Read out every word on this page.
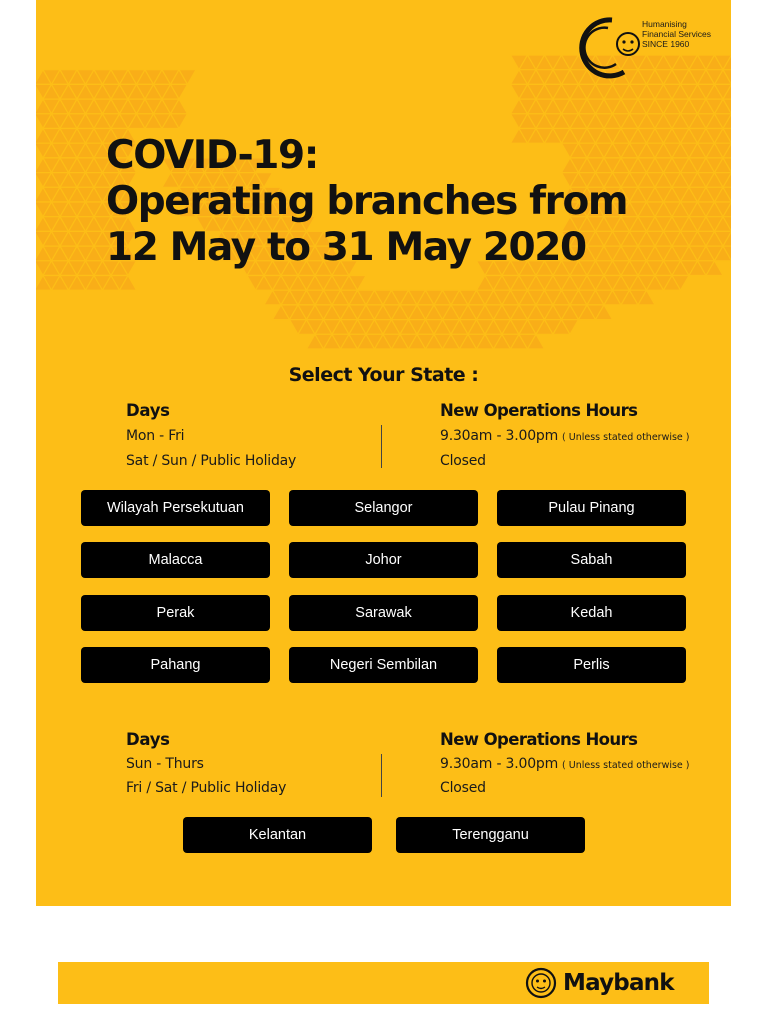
Humanising
Financial Services
SINCE 1960
COVID-19:
Operating branches from
12 May to 31 May 2020
Select Your State :
Days	New Operations Hours
Mon - Fri	9.30am - 3.00pm ( Unless stated otherwise )
Sat / Sun / Public Holiday	Closed
Wilayah Persekutuan	Selangor	Pulau Pinang
Malacca	Johor	Sabah
Perak	Sarawak	Kedah
Pahang	Negeri Sembilan	Perlis
Days	New Operations Hours
Sun - Thurs	9.30am - 3.00pm ( Unless stated otherwise )
Fri / Sat / Public Holiday	Closed
Kelantan	Terengganu
Maybank
